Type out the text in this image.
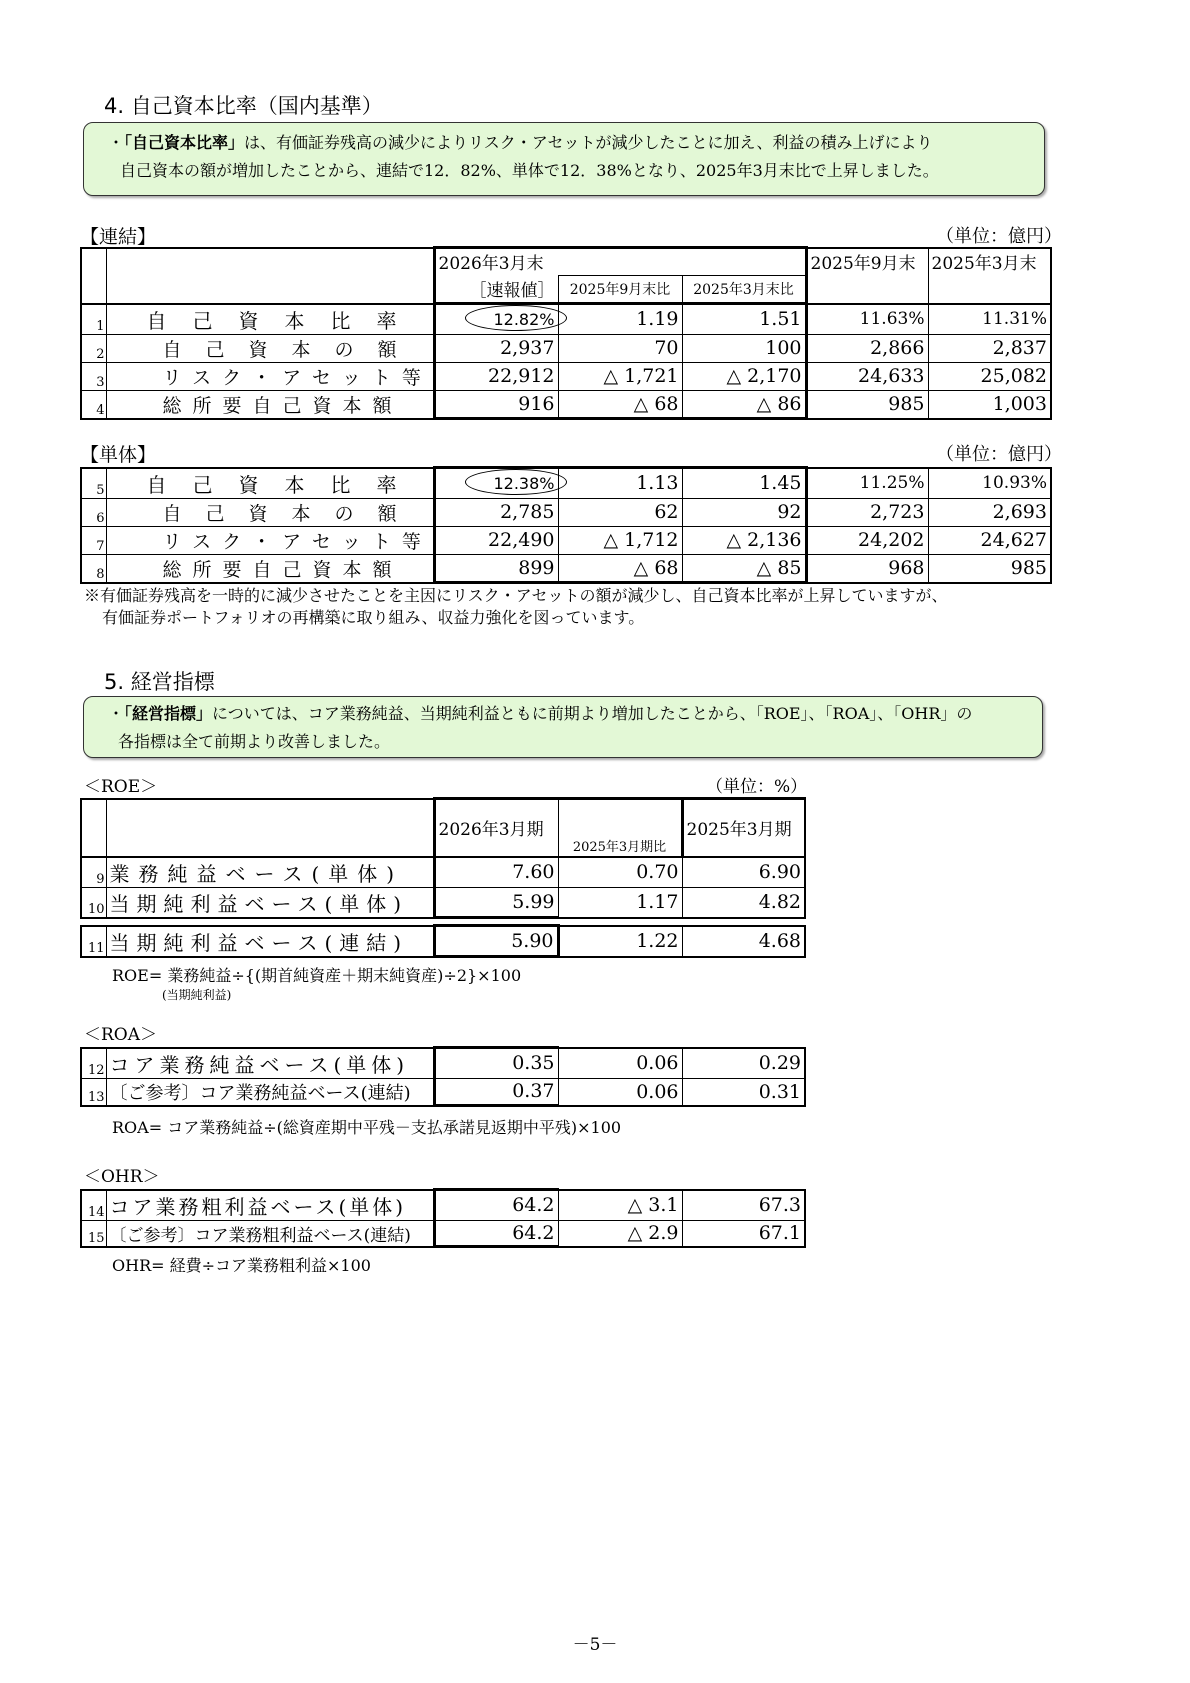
4. 自己資本比率（国内基準）
・「自己資本比率」は、有価証券残高の減少によりリスク・アセットが減少したことに加え、利益の積み上げにより
自己資本の額が増加したことから、連結で12．82%、単体で12．38%となり、2025年3月末比で上昇しました。
【連結】	（単位：億円）
		2026年3月末			2025年9月末	2025年3月末
		［速報値］	2025年9月末比	2025年3月末比		
1	自己資本比率	12.82%	1.19	1.51	11.63%	11.31%
2	自己資本の額	2,937	70	100	2,866	2,837
3	リスク・アセット等	22,912	△ 1,721	△ 2,170	24,633	25,082
4	総所要自己資本額	916	△ 68	△ 86	985	1,003
【単体】	（単位：億円）
5	自己資本比率	12.38%	1.13	1.45	11.25%	10.93%
6	自己資本の額	2,785	62	92	2,723	2,693
7	リスク・アセット等	22,490	△ 1,712	△ 2,136	24,202	24,627
8	総所要自己資本額	899	△ 68	△ 85	968	985
※有価証券残高を一時的に減少させたことを主因にリスク・アセットの額が減少し、自己資本比率が上昇していますが、
有価証券ポートフォリオの再構築に取り組み、収益力強化を図っています。
5. 経営指標
・「経営指標」については、コア業務純益、当期純利益ともに前期より増加したことから、「ROE」、「ROA」、「OHR」の
各指標は全て前期より改善しました。
＜ROE＞	（単位：%）
		2026年3月期	2025年3月期比	2025年3月期
9	業務純益ベース(単体)	7.60	0.70	6.90
10	当期純利益ベース(単体)	5.99	1.17	4.82
11	当期純利益ベース(連結)	5.90	1.22	4.68
ROE= 業務純益÷{(期首純資産＋期末純資産)÷2}×100
(当期純利益)
＜ROA＞
12	コア業務純益ベース(単体)	0.35	0.06	0.29
13	〔ご参考〕コア業務純益ベース(連結)	0.37	0.06	0.31
ROA= コア業務純益÷(総資産期中平残－支払承諾見返期中平残)×100
＜OHR＞
14	コア業務粗利益ベース(単体)	64.2	△ 3.1	67.3
15	〔ご参考〕コア業務粗利益ベース(連結)	64.2	△ 2.9	67.1
OHR= 経費÷コア業務粗利益×100
－5－
